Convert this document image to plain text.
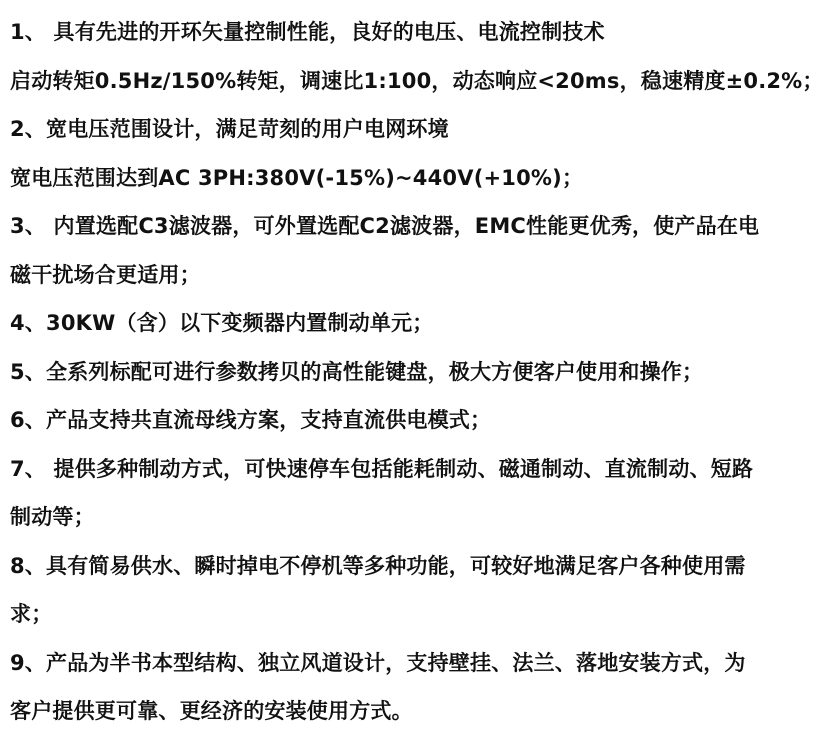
1、 具有先进的开环矢量控制性能，良好的电压、电流控制技术
启动转矩0.5Hz/150%转矩，调速比1:100，动态响应<20ms，稳速精度±0.2%；
2、宽电压范围设计，满足苛刻的用户电网环境
宽电压范围达到AC 3PH:380V(-15%)~440V(+10%)；
3、 内置选配C3滤波器，可外置选配C2滤波器，EMC性能更优秀，使产品在电
磁干扰场合更适用；
4、30KW（含）以下变频器内置制动单元；
5、全系列标配可进行参数拷贝的高性能键盘，极大方便客户使用和操作；
6、产品支持共直流母线方案，支持直流供电模式；
7、 提供多种制动方式，可快速停车包括能耗制动、磁通制动、直流制动、短路
制动等；
8、具有简易供水、瞬时掉电不停机等多种功能，可较好地满足客户各种使用需
求；
9、产品为半书本型结构、独立风道设计，支持壁挂、法兰、落地安装方式，为
客户提供更可靠、更经济的安装使用方式。
